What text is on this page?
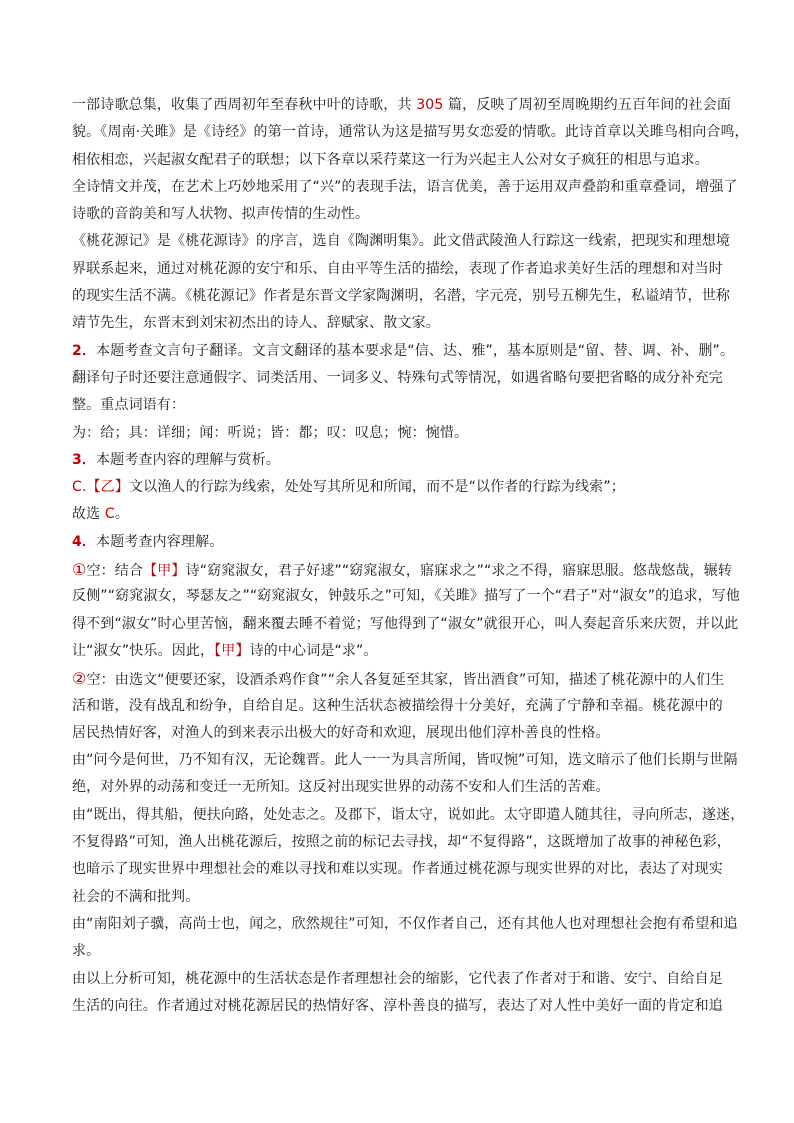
一部诗歌总集，收集了西周初年至春秋中叶的诗歌，共 305 篇，反映了周初至周晚期约五百年间的社会面
貌。《周南·关雎》是《诗经》的第一首诗，通常认为这是描写男女恋爱的情歌。此诗首章以关雎鸟相向合鸣，
相依相恋，兴起淑女配君子的联想；以下各章以采荇菜这一行为兴起主人公对女子疯狂的相思与追求。
全诗情文并茂，在艺术上巧妙地采用了“兴”的表现手法，语言优美，善于运用双声叠韵和重章叠词，增强了
诗歌的音韵美和写人状物、拟声传情的生动性。
《桃花源记》是《桃花源诗》的序言，选自《陶渊明集》。此文借武陵渔人行踪这一线索，把现实和理想境
界联系起来，通过对桃花源的安宁和乐、自由平等生活的描绘，表现了作者追求美好生活的理想和对当时
的现实生活不满。《桃花源记》作者是东晋文学家陶渊明，名潜，字元亮，别号五柳先生，私谥靖节，世称
靖节先生，东晋末到刘宋初杰出的诗人、辞赋家、散文家。
2．本题考查文言句子翻译。文言文翻译的基本要求是“信、达、雅”，基本原则是“留、替、调、补、删”。
翻译句子时还要注意通假字、词类活用、一词多义、特殊句式等情况，如遇省略句要把省略的成分补充完
整。重点词语有：
为：给；具：详细；闻：听说；皆：都；叹：叹息；惋：惋惜。
3．本题考查内容的理解与赏析。
C.【乙】文以渔人的行踪为线索，处处写其所见和所闻，而不是“以作者的行踪为线索”；
故选 C。
4．本题考查内容理解。
①空：结合【甲】诗“窈窕淑女，君子好逑”“窈窕淑女，寤寐求之”“求之不得，寤寐思服。悠哉悠哉，辗转
反侧”“窈窕淑女，琴瑟友之”“窈窕淑女，钟鼓乐之”可知，《关雎》描写了一个“君子”对“淑女”的追求，写他
得不到“淑女”时心里苦恼，翻来覆去睡不着觉；写他得到了“淑女”就很开心，叫人奏起音乐来庆贺，并以此
让“淑女”快乐。因此，【甲】诗的中心词是“求”。
②空：由选文“便要还家，设酒杀鸡作食”“余人各复延至其家，皆出酒食”可知，描述了桃花源中的人们生
活和谐，没有战乱和纷争，自给自足。这种生活状态被描绘得十分美好，充满了宁静和幸福。桃花源中的
居民热情好客，对渔人的到来表示出极大的好奇和欢迎，展现出他们淳朴善良的性格。
由“问今是何世，乃不知有汉，无论魏晋。此人一一为具言所闻，皆叹惋”可知，选文暗示了他们长期与世隔
绝，对外界的动荡和变迁一无所知。这反衬出现实世界的动荡不安和人们生活的苦难。
由“既出，得其船，便扶向路，处处志之。及郡下，诣太守，说如此。太守即遣人随其往，寻向所志，遂迷，
不复得路”可知，渔人出桃花源后，按照之前的标记去寻找，却“不复得路”，这既增加了故事的神秘色彩，
也暗示了现实世界中理想社会的难以寻找和难以实现。作者通过桃花源与现实世界的对比，表达了对现实
社会的不满和批判。
由“南阳刘子骥，高尚士也，闻之，欣然规往”可知，不仅作者自己，还有其他人也对理想社会抱有希望和追
求。
由以上分析可知，桃花源中的生活状态是作者理想社会的缩影，它代表了作者对于和谐、安宁、自给自足
生活的向往。作者通过对桃花源居民的热情好客、淳朴善良的描写，表达了对人性中美好一面的肯定和追
